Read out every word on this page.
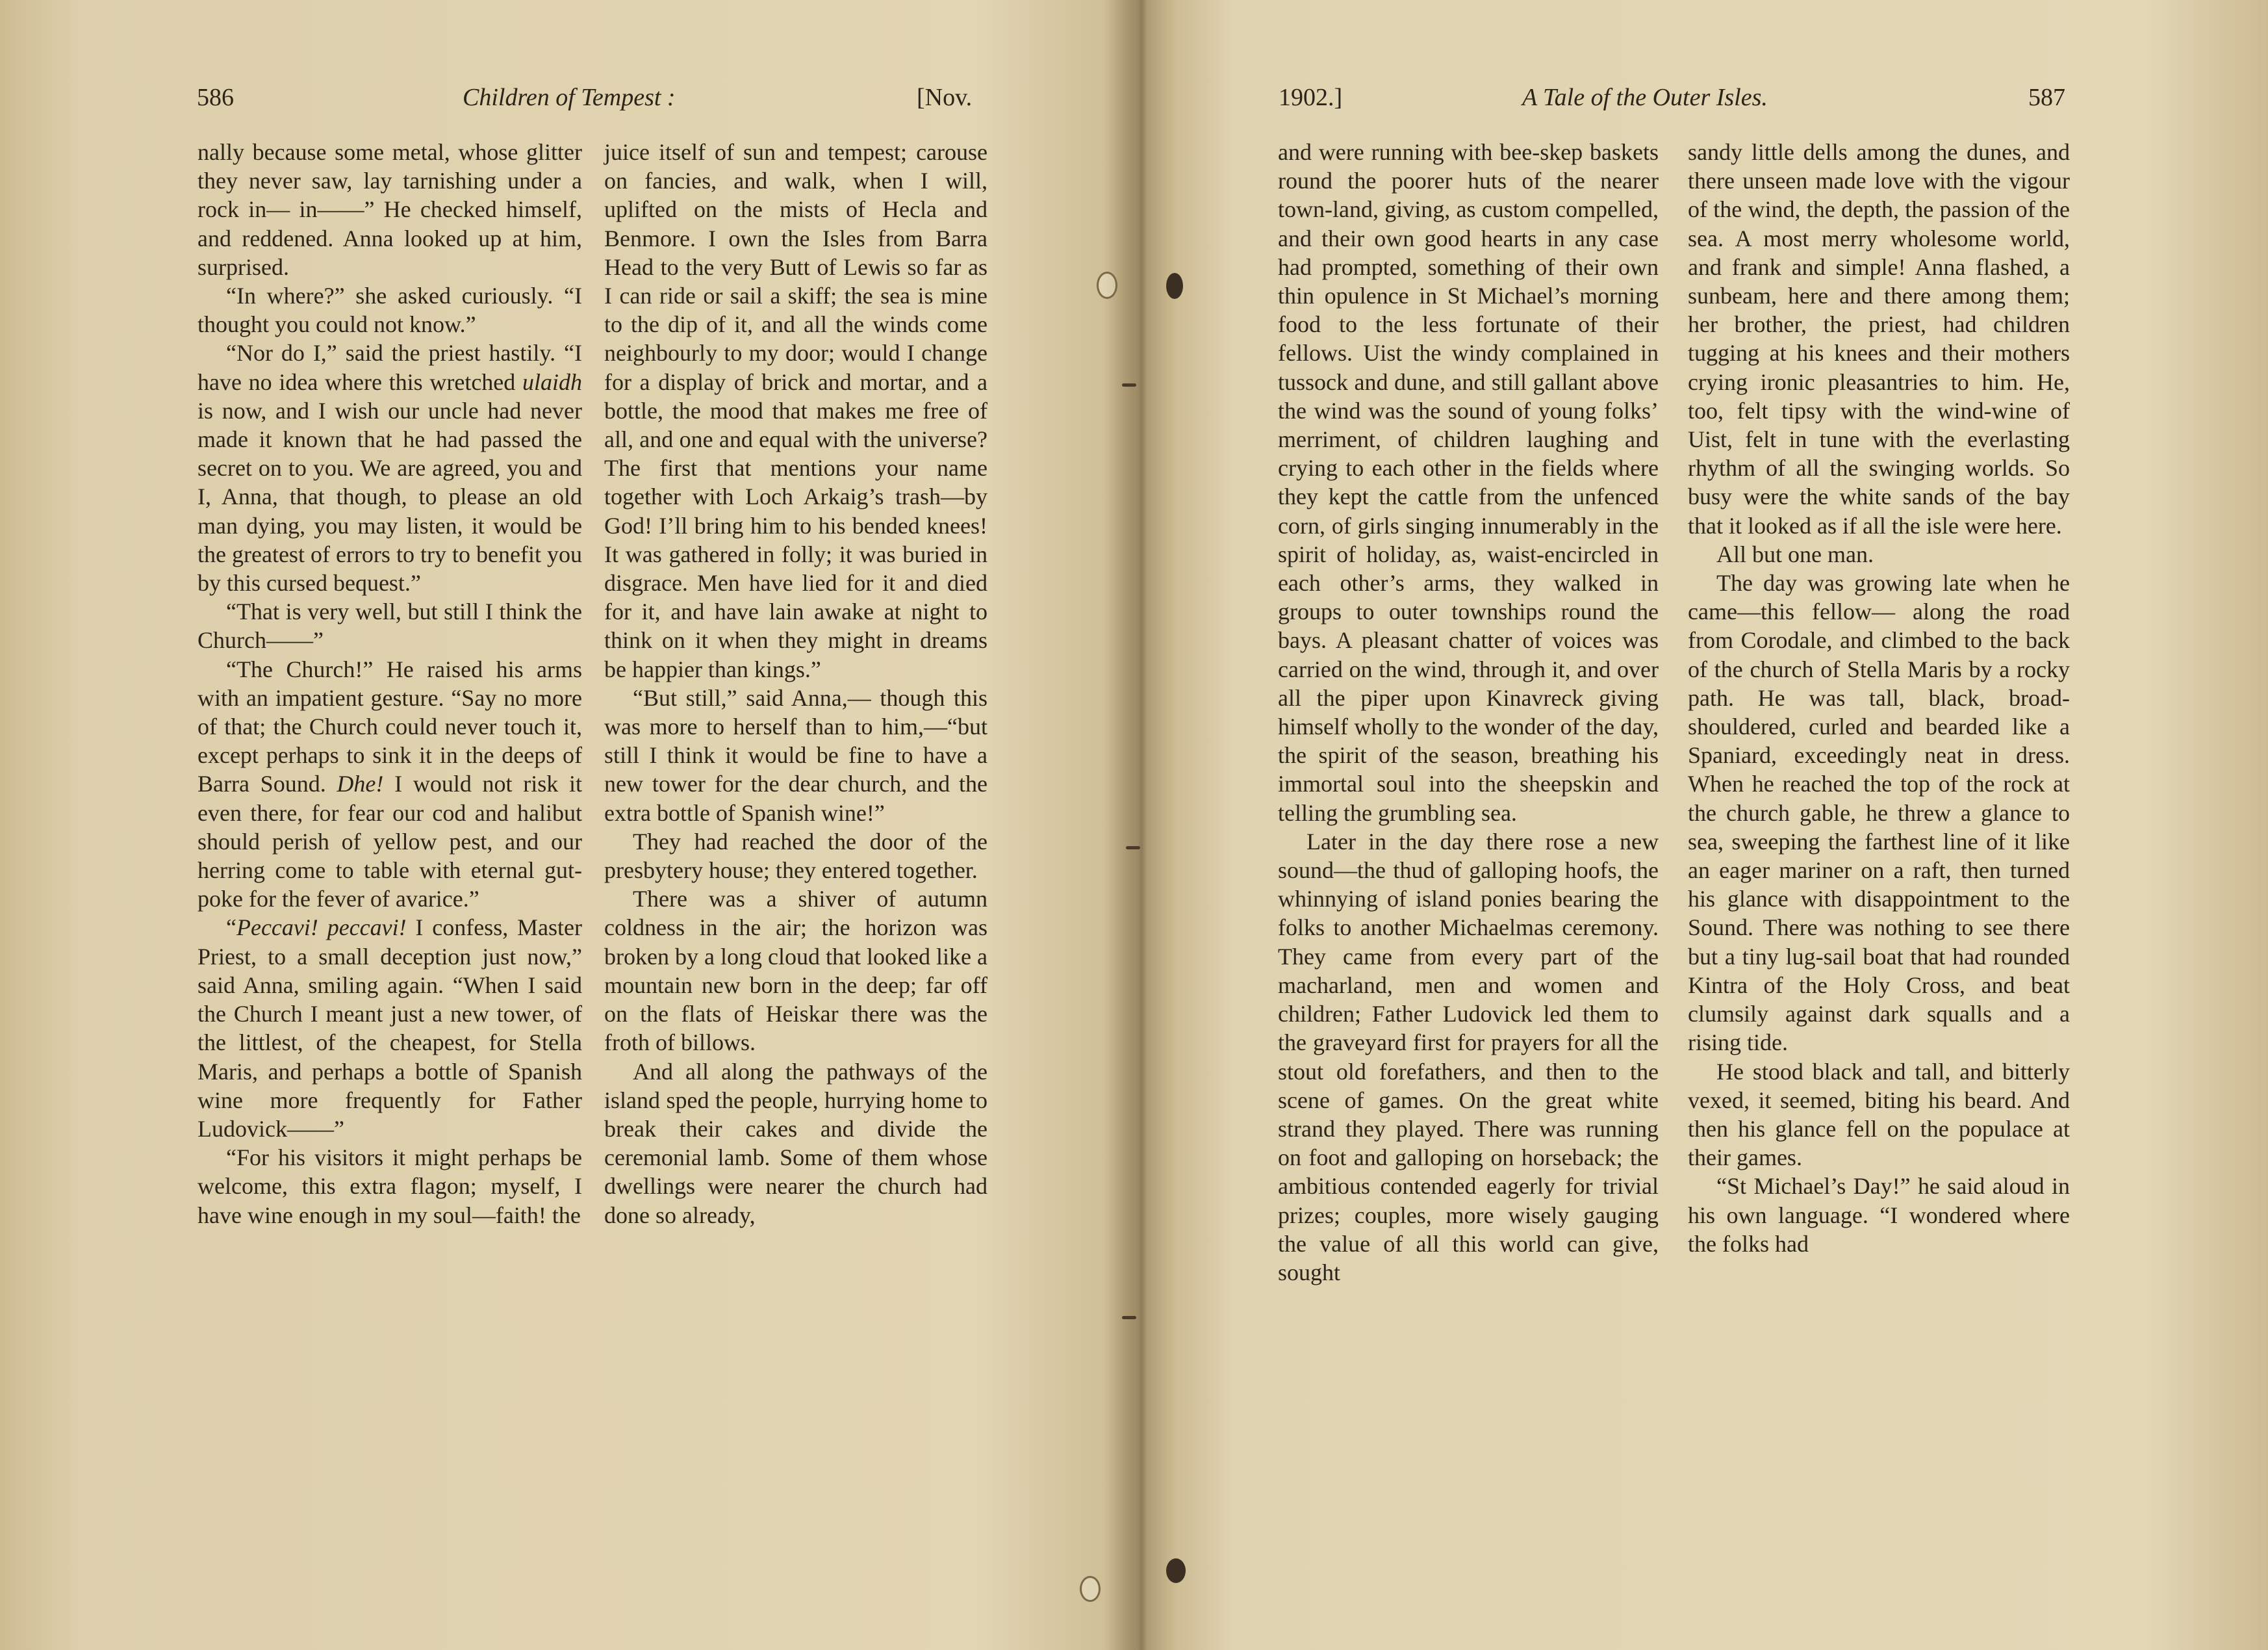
586	Children of Tempest :	[Nov.

nally because some metal, whose glitter they never saw, lay tarnishing under a rock in— in——” He checked himself, and reddened. Anna looked up at him, surprised.

“In where?” she asked curiously. “I thought you could not know.”

“Nor do I,” said the priest hastily. “I have no idea where this wretched ulaidh is now, and I wish our uncle had never made it known that he had passed the secret on to you. We are agreed, you and I, Anna, that though, to please an old man dying, you may listen, it would be the greatest of errors to try to benefit you by this cursed bequest.”

“That is very well, but still I think the Church——”

“The Church!” He raised his arms with an impatient gesture. “Say no more of that; the Church could never touch it, except perhaps to sink it in the deeps of Barra Sound. Dhe! I would not risk it even there, for fear our cod and halibut should perish of yellow pest, and our herring come to table with eternal gut-poke for the fever of avarice.”

“Peccavi! peccavi! I confess, Master Priest, to a small deception just now,” said Anna, smiling again. “When I said the Church I meant just a new tower, of the littlest, of the cheapest, for Stella Maris, and perhaps a bottle of Spanish wine more frequently for Father Ludovick——”

“For his visitors it might perhaps be welcome, this extra flagon; myself, I have wine enough in my soul—faith! the

juice itself of sun and tempest; carouse on fancies, and walk, when I will, uplifted on the mists of Hecla and Benmore. I own the Isles from Barra Head to the very Butt of Lewis so far as I can ride or sail a skiff; the sea is mine to the dip of it, and all the winds come neighbourly to my door; would I change for a display of brick and mortar, and a bottle, the mood that makes me free of all, and one and equal with the universe? The first that mentions your name together with Loch Arkaig’s trash—by God! I’ll bring him to his bended knees! It was gathered in folly; it was buried in disgrace. Men have lied for it and died for it, and have lain awake at night to think on it when they might in dreams be happier than kings.”

“But still,” said Anna,— though this was more to herself than to him,—“but still I think it would be fine to have a new tower for the dear church, and the extra bottle of Spanish wine!”

They had reached the door of the presbytery house; they entered together.

There was a shiver of autumn coldness in the air; the horizon was broken by a long cloud that looked like a mountain new born in the deep; far off on the flats of Heiskar there was the froth of billows.

And all along the pathways of the island sped the people, hurrying home to break their cakes and divide the ceremonial lamb. Some of them whose dwellings were nearer the church had done so already,

1902.]	A Tale of the Outer Isles.	587

and were running with bee-skep baskets round the poorer huts of the nearer town-land, giving, as custom compelled, and their own good hearts in any case had prompted, something of their own thin opulence in St Michael’s morning food to the less fortunate of their fellows. Uist the windy complained in tussock and dune, and still gallant above the wind was the sound of young folks’ merriment, of children laughing and crying to each other in the fields where they kept the cattle from the unfenced corn, of girls singing innumerably in the spirit of holiday, as, waist-encircled in each other’s arms, they walked in groups to outer townships round the bays. A pleasant chatter of voices was carried on the wind, through it, and over all the piper upon Kinavreck giving himself wholly to the wonder of the day, the spirit of the season, breathing his immortal soul into the sheepskin and telling the grumbling sea.

Later in the day there rose a new sound—the thud of galloping hoofs, the whinnying of island ponies bearing the folks to another Michaelmas ceremony. They came from every part of the macharland, men and women and children; Father Ludovick led them to the graveyard first for prayers for all the stout old forefathers, and then to the scene of games. On the great white strand they played. There was running on foot and galloping on horseback; the ambitious contended eagerly for trivial prizes; couples, more wisely gauging the value of all this world can give, sought

sandy little dells among the dunes, and there unseen made love with the vigour of the wind, the depth, the passion of the sea. A most merry wholesome world, and frank and simple! Anna flashed, a sunbeam, here and there among them; her brother, the priest, had children tugging at his knees and their mothers crying ironic pleasantries to him. He, too, felt tipsy with the wind-wine of Uist, felt in tune with the everlasting rhythm of all the swinging worlds. So busy were the white sands of the bay that it looked as if all the isle were here.

All but one man.

The day was growing late when he came—this fellow— along the road from Corodale, and climbed to the back of the church of Stella Maris by a rocky path. He was tall, black, broad-shouldered, curled and bearded like a Spaniard, exceedingly neat in dress. When he reached the top of the rock at the church gable, he threw a glance to sea, sweeping the farthest line of it like an eager mariner on a raft, then turned his glance with disappointment to the Sound. There was nothing to see there but a tiny lug-sail boat that had rounded Kintra of the Holy Cross, and beat clumsily against dark squalls and a rising tide.

He stood black and tall, and bitterly vexed, it seemed, biting his beard. And then his glance fell on the populace at their games.

“St Michael’s Day!” he said aloud in his own language. “I wondered where the folks had
